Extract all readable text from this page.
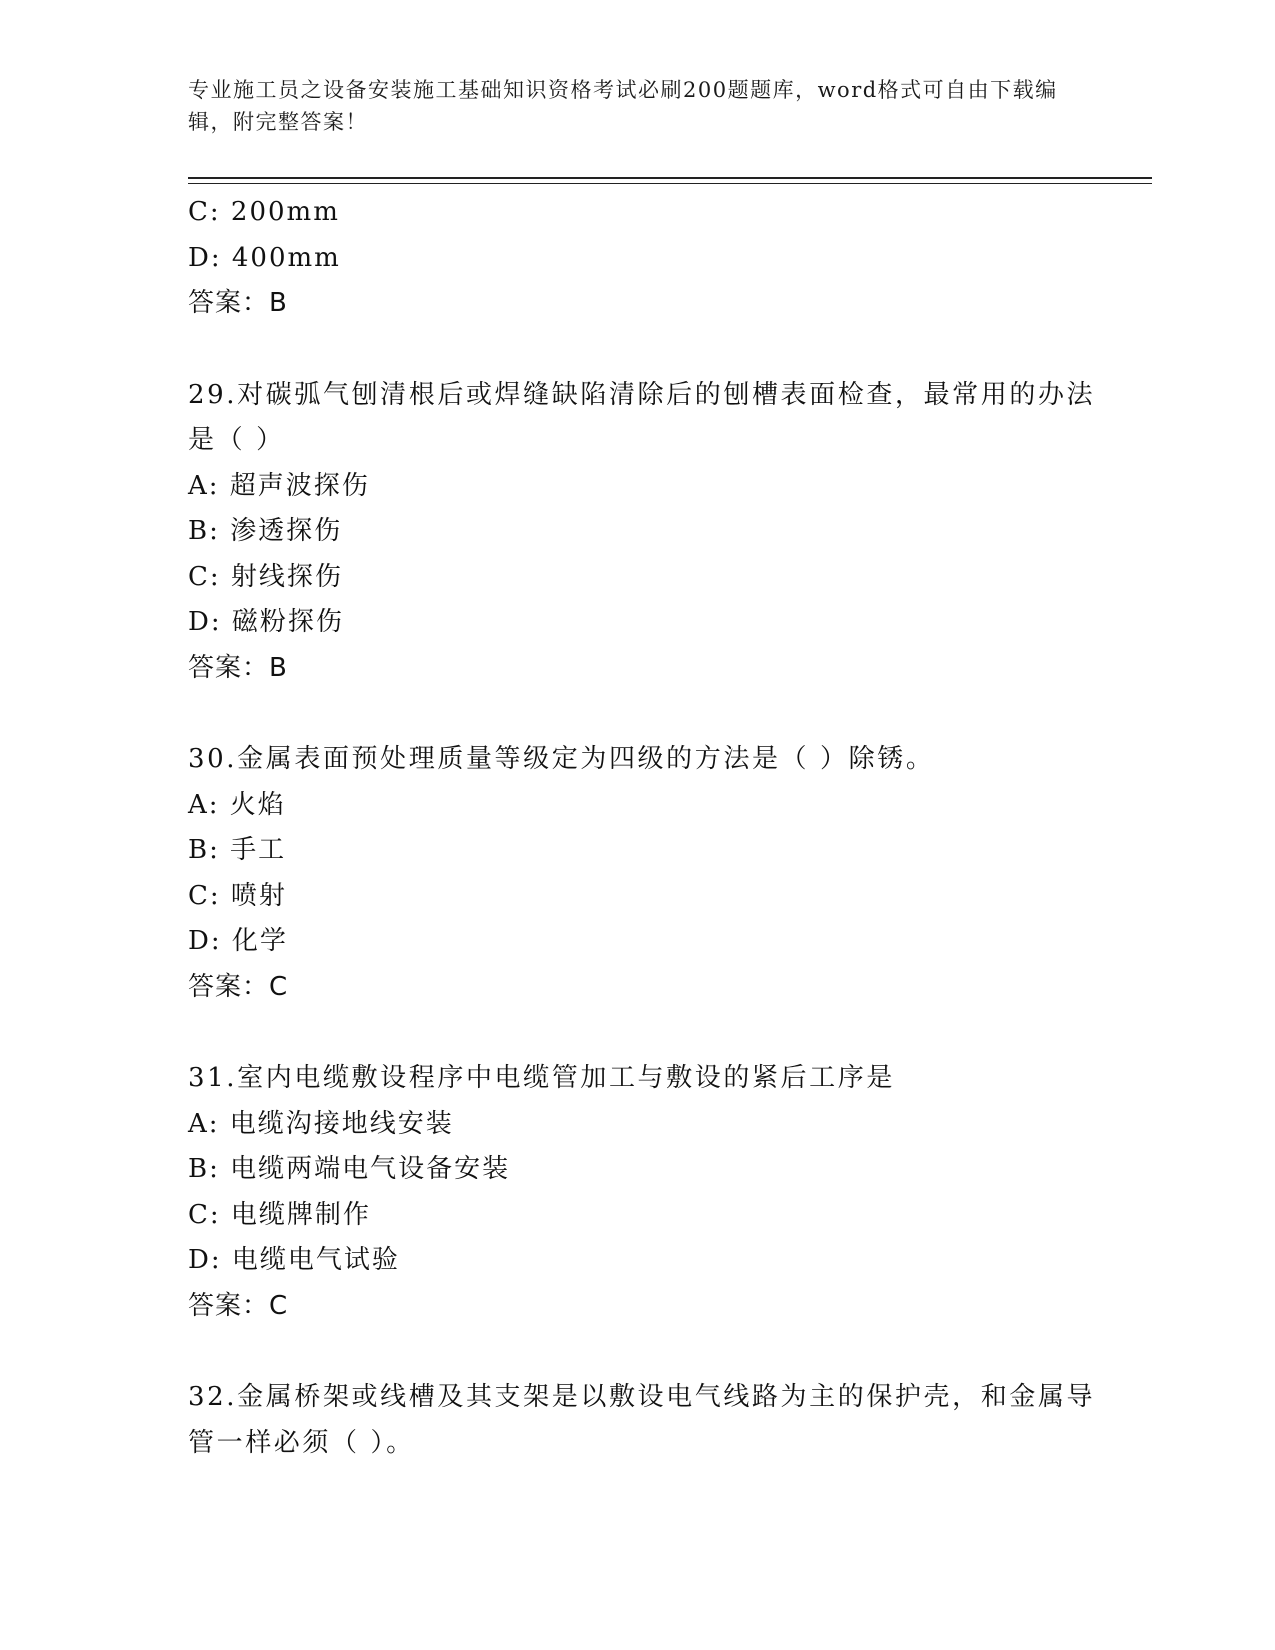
专业施工员之设备安装施工基础知识资格考试必刷200题题库，word格式可自由下载编辑，附完整答案！
C: 200mm
D: 400mm
答案：B
29.对碳弧气刨清根后或焊缝缺陷清除后的刨槽表面检查，最常用的办法是（ ）
A: 超声波探伤
B: 渗透探伤
C: 射线探伤
D: 磁粉探伤
答案：B
30.金属表面预处理质量等级定为四级的方法是（ ）除锈。
A: 火焰
B: 手工
C: 喷射
D: 化学
答案：C
31.室内电缆敷设程序中电缆管加工与敷设的紧后工序是
A: 电缆沟接地线安装
B: 电缆两端电气设备安装
C: 电缆牌制作
D: 电缆电气试验
答案：C
32.金属桥架或线槽及其支架是以敷设电气线路为主的保护壳，和金属导管一样必须（ ）。
